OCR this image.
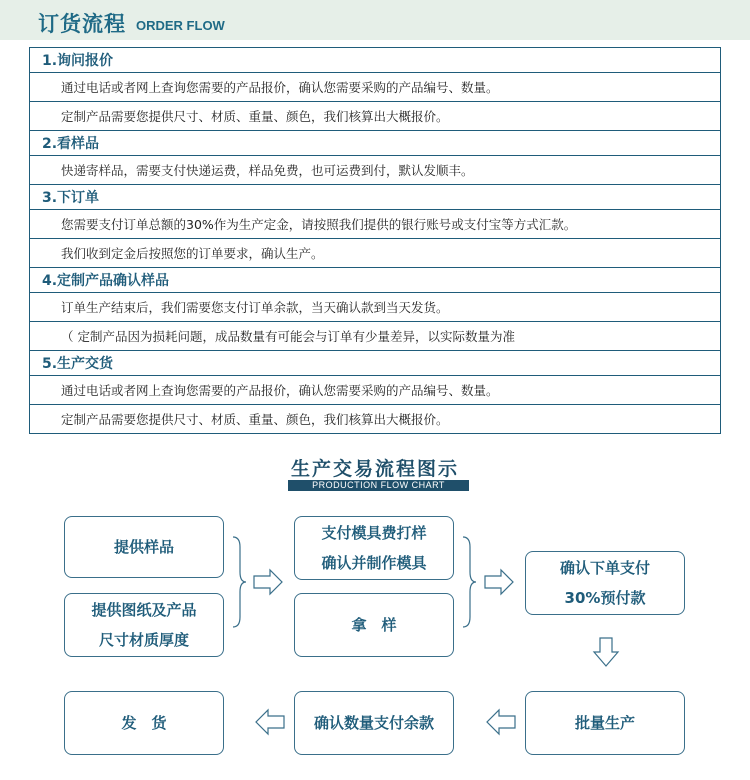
订货流程 ORDER FLOW
1.询问报价
通过电话或者网上查询您需要的产品报价，确认您需要采购的产品编号、数量。
定制产品需要您提供尺寸、材质、重量、颜色，我们核算出大概报价。
2.看样品
快递寄样品，需要支付快递运费，样品免费，也可运费到付，默认发顺丰。
3.下订单
您需要支付订单总额的30%作为生产定金，请按照我们提供的银行账号或支付宝等方式汇款。
我们收到定金后按照您的订单要求，确认生产。
4.定制产品确认样品
订单生产结束后，我们需要您支付订单余款，当天确认款到当天发货。
（ 定制产品因为损耗问题，成品数量有可能会与订单有少量差异，以实际数量为准
5.生产交货
通过电话或者网上查询您需要的产品报价，确认您需要采购的产品编号、数量。
定制产品需要您提供尺寸、材质、重量、颜色，我们核算出大概报价。
生产交易流程图示
PRODUCTION FLOW CHART
提供样品
提供图纸及产品
尺寸材质厚度
支付模具费打样
确认并制作模具
拿　样
确认下单支付
30%预付款
批量生产
确认数量支付余款
发　货
